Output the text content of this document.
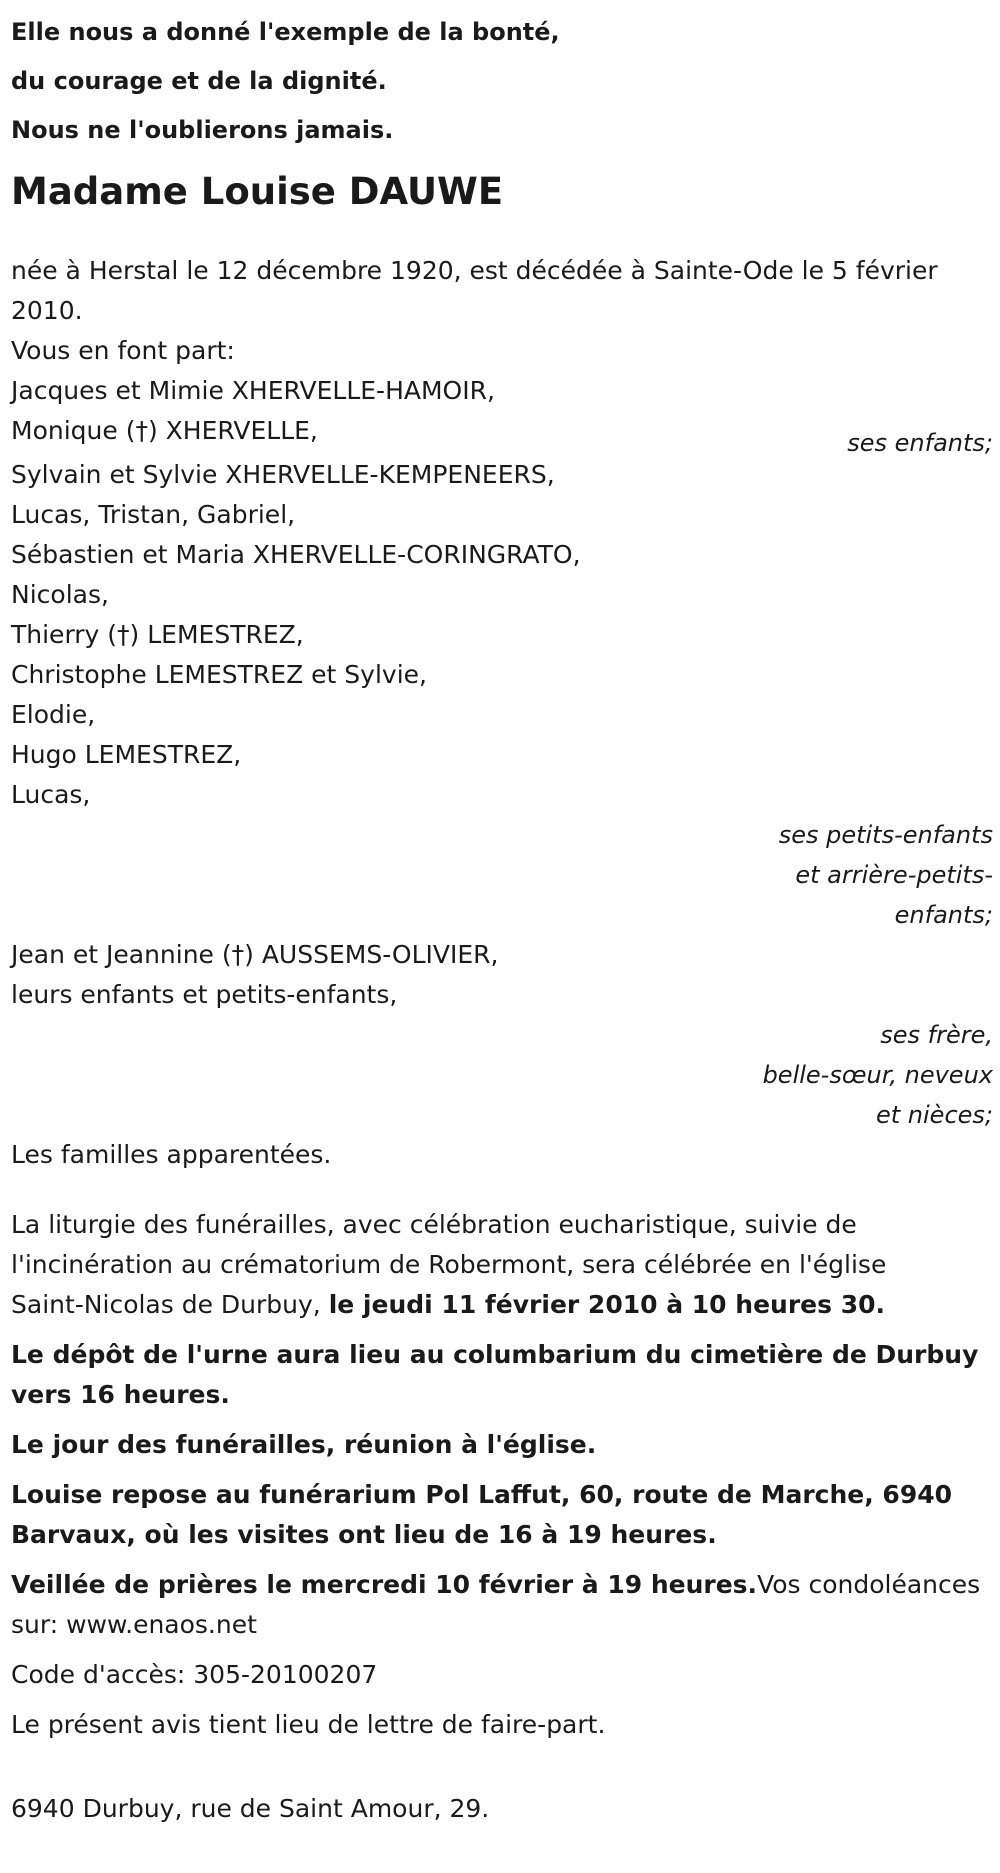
Elle nous a donné l'exemple de la bonté,
du courage et de la dignité.
Nous ne l'oublierons jamais.
Madame Louise DAUWE
née à Herstal le 12 décembre 1920, est décédée à Sainte-Ode le 5 février
2010.
Vous en font part:
Jacques et Mimie XHERVELLE-HAMOIR,
Monique (†) XHERVELLE,	ses enfants;
Sylvain et Sylvie XHERVELLE-KEMPENEERS,
Lucas, Tristan, Gabriel,
Sébastien et Maria XHERVELLE-CORINGRATO,
Nicolas,
Thierry (†) LEMESTREZ,
Christophe LEMESTREZ et Sylvie,
Elodie,
Hugo LEMESTREZ,
Lucas,
ses petits-enfants
et arrière-petits-
enfants;
Jean et Jeannine (†) AUSSEMS-OLIVIER,
leurs enfants et petits-enfants,
ses frère,
belle-sœur, neveux
et nièces;
Les familles apparentées.
La liturgie des funérailles, avec célébration eucharistique, suivie de
l'incinération au crématorium de Robermont, sera célébrée en l'église
Saint-Nicolas de Durbuy, le jeudi 11 février 2010 à 10 heures 30.
Le dépôt de l'urne aura lieu au columbarium du cimetière de Durbuy
vers 16 heures.
Le jour des funérailles, réunion à l'église.
Louise repose au funérarium Pol Laffut, 60, route de Marche, 6940
Barvaux, où les visites ont lieu de 16 à 19 heures.
Veillée de prières le mercredi 10 février à 19 heures.Vos condoléances
sur: www.enaos.net
Code d'accès: 305-20100207
Le présent avis tient lieu de lettre de faire-part.
6940 Durbuy, rue de Saint Amour, 29.
